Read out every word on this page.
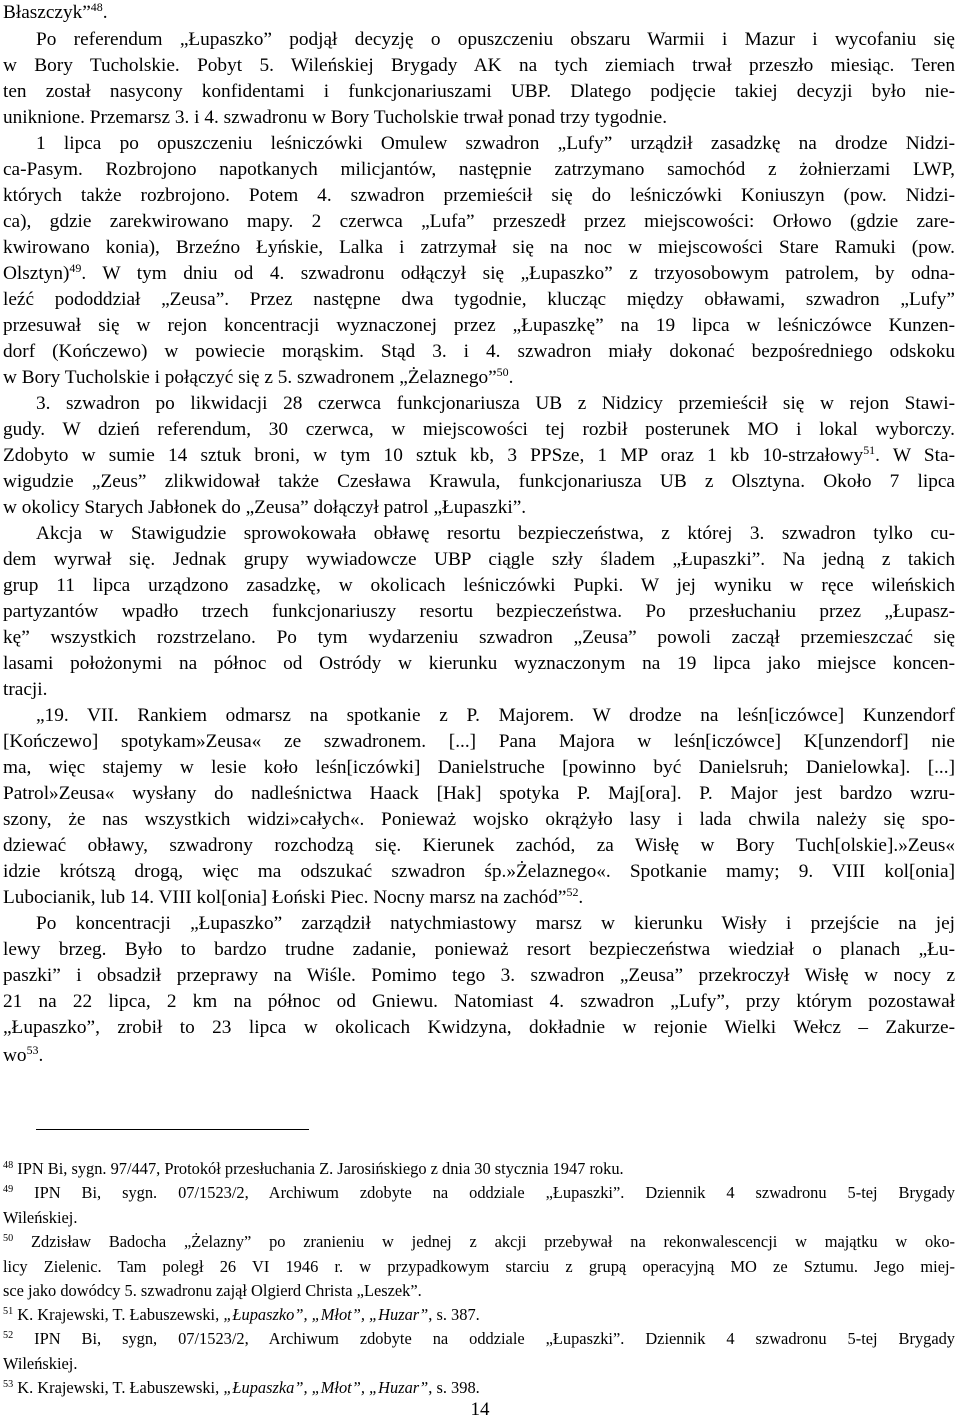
Błaszczyk”$^{48}$.
Po referendum „Łupaszko” podjął decyzję o opuszczeniu obszaru Warmii i Mazur i wycofaniu się
w Bory Tucholskie. Pobyt 5. Wileńskiej Brygady AK na tych ziemiach trwał przeszło miesiąc. Teren
ten został nasycony konfidentami i funkcjonariuszami UBP. Dlatego podjęcie takiej decyzji było nie-
uniknione. Przemarsz 3. i 4. szwadronu w Bory Tucholskie trwał ponad trzy tygodnie.
1 lipca po opuszczeniu leśniczówki Omulew szwadron „Lufy” urządził zasadzkę na drodze Nidzi-
ca-Pasym. Rozbrojono napotkanych milicjantów, następnie zatrzymano samochód z żołnierzami LWP,
których także rozbrojono. Potem 4. szwadron przemieścił się do leśniczówki Koniuszyn (pow. Nidzi-
ca), gdzie zarekwirowano mapy. 2 czerwca „Lufa” przeszedł przez miejscowości: Orłowo (gdzie zare-
kwirowano konia), Brzeźno Łyńskie, Lalka i zatrzymał się na noc w miejscowości Stare Ramuki (pow.
Olsztyn)$^{49}$. W tym dniu od 4. szwadronu odłączył się „Łupaszko” z trzyosobowym patrolem, by odna-
leźć pododdział „Zeusa”. Przez następne dwa tygodnie, klucząc między obławami, szwadron „Lufy”
przesuwał się w rejon koncentracji wyznaczonej przez „Łupaszkę” na 19 lipca w leśniczówce Kunzen-
dorf (Kończewo) w powiecie morąskim. Stąd 3. i 4. szwadron miały dokonać bezpośredniego odskoku
w Bory Tucholskie i połączyć się z 5. szwadronem „Żelaznego”$^{50}$.
3. szwadron po likwidacji 28 czerwca funkcjonariusza UB z Nidzicy przemieścił się w rejon Stawi-
gudy. W dzień referendum, 30 czerwca, w miejscowości tej rozbił posterunek MO i lokal wyborczy.
Zdobyto w sumie 14 sztuk broni, w tym 10 sztuk kb, 3 PPSze, 1 MP oraz 1 kb 10-strzałowy$^{51}$. W Sta-
wigudzie „Zeus” zlikwidował także Czesława Krawula, funkcjonariusza UB z Olsztyna. Około 7 lipca
w okolicy Starych Jabłonek do „Zeusa” dołączył patrol „Łupaszki”.
Akcja w Stawigudzie sprowokowała obławę resortu bezpieczeństwa, z której 3. szwadron tylko cu-
dem wyrwał się. Jednak grupy wywiadowcze UBP ciągle szły śladem „Łupaszki”. Na jedną z takich
grup 11 lipca urządzono zasadzkę, w okolicach leśniczówki Pupki. W jej wyniku w ręce wileńskich
partyzantów wpadło trzech funkcjonariuszy resortu bezpieczeństwa. Po przesłuchaniu przez „Łupasz-
kę” wszystkich rozstrzelano. Po tym wydarzeniu szwadron „Zeusa” powoli zaczął przemieszczać się
lasami położonymi na północ od Ostródy w kierunku wyznaczonym na 19 lipca jako miejsce koncen-
tracji.
„19. VII. Rankiem odmarsz na spotkanie z P. Majorem. W drodze na leśn[iczówce] Kunzendorf
[Kończewo] spotykam»Zeusa« ze szwadronem. [...] Pana Majora w leśn[iczówce] K[unzendorf] nie
ma, więc stajemy w lesie koło leśn[iczówki] Danielstruche [powinno być Danielsruh; Danielowka]. [...]
Patrol»Zeusa« wysłany do nadleśnictwa Haack [Hak] spotyka P. Maj[ora]. P. Major jest bardzo wzru-
szony, że nas wszystkich widzi»całych«. Ponieważ wojsko okrążyło lasy i lada chwila należy się spo-
dziewać obławy, szwadrony rozchodzą się. Kierunek zachód, za Wisłę w Bory Tuch[olskie].»Zeus«
idzie krótszą drogą, więc ma odszukać szwadron śp.»Żelaznego«. Spotkanie mamy; 9. VIII kol[onia]
Lubocianik, lub 14. VIII kol[onia] Łoński Piec. Nocny marsz na zachód”$^{52}$.
Po koncentracji „Łupaszko” zarządził natychmiastowy marsz w kierunku Wisły i przejście na jej
lewy brzeg. Było to bardzo trudne zadanie, ponieważ resort bezpieczeństwa wiedział o planach „Łu-
paszki” i obsadził przeprawy na Wiśle. Pomimo tego 3. szwadron „Zeusa” przekroczył Wisłę w nocy z
21 na 22 lipca, 2 km na północ od Gniewu. Natomiast 4. szwadron „Lufy”, przy którym pozostawał
„Łupaszko”, zrobił to 23 lipca w okolicach Kwidzyna, dokładnie w rejonie Wielki Wełcz – Zakurze-
$wo^{53}$.
$^{48}$ IPN Bi, sygn. 97/447, Protokół przesłuchania Z. Jarosińskiego z dnia 30 stycznia 1947 roku.
$^{49}$ IPN Bi, sygn. 07/1523/2, Archiwum zdobyte na oddziale „Łupaszki”. Dziennik 4 szwadronu 5-tej Brygady
Wileńskiej.
$^{50}$ Zdzisław Badocha „Żelazny” po zranieniu w jednej z akcji przebywał na rekonwalescencji w majątku w oko-
licy Zielenic. Tam poległ 26 VI 1946 r. w przypadkowym starciu z grupą operacyjną MO ze Sztumu. Jego miej-
sce jako dowódcy 5. szwadronu zajął Olgierd Christa „Leszek”.
$^{51}$ K. Krajewski, T. Łabuszewski, „Łupaszko”, „Młot”, „Huzar”, s. 387.
$^{52}$ IPN Bi, sygn, 07/1523/2, Archiwum zdobyte na oddziale „Łupaszki”. Dziennik 4 szwadronu 5-tej Brygady
Wileńskiej.
$^{53}$ K. Krajewski, T. Łabuszewski, „Łupaszka”, „Młot”, „Huzar”, s. 398.
14
